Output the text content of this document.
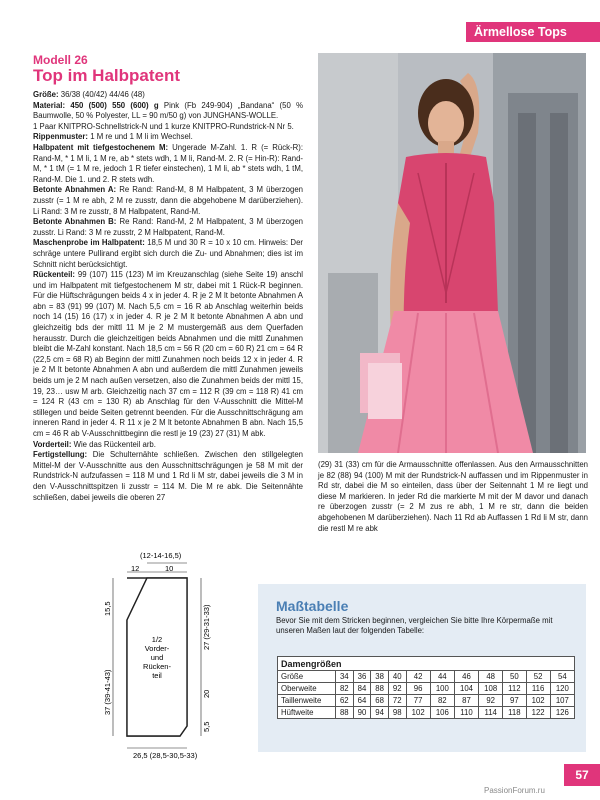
Ärmellose Tops
Modell 26
Top im Halbpatent

Größe: 36/38 (40/42) 44/46 (48)

Material: 450 (500) 550 (600) g Pink (Fb 249-904) „Bandana“ (50 % Baumwolle, 50 % Polyester, LL = 90 m/50 g) von JUNGHANS-WOLLE.

1 Paar KNITPRO-Schnellstrick-N und 1 kurze KNITPRO-Rundstrick-N Nr 5.

Rippenmuster: 1 M re und 1 M li im Wechsel.

Halbpatent mit tiefgestochenem M: Ungerade M-Zahl. 1. R (= Rück-R): Rand-M, * 1 M li, 1 M re, ab * stets wdh, 1 M li, Rand-M. 2. R (= Hin-R): Rand-M, * 1 tM (= 1 M re, jedoch 1 R tiefer einstechen), 1 M li, ab * stets wdh, 1 tM, Rand-M. Die 1. und 2. R stets wdh.

Betonte Abnahmen A: Re Rand: Rand-M, 8 M Halbpatent, 3 M überzogen zusstr (= 1 M re abh, 2 M re zusstr, dann die abgehobene M darüberziehen). Li Rand: 3 M re zusstr, 8 M Halbpatent, Rand-M.

Betonte Abnahmen B: Re Rand: Rand-M, 2 M Halbpatent, 3 M überzogen zusstr. Li Rand: 3 M re zusstr, 2 M Halbpatent, Rand-M.

Maschenprobe im Halbpatent: 18,5 M und 30 R = 10 x 10 cm. Hinweis: Der schräge untere Pullirand ergibt sich durch die Zu- und Abnahmen; dies ist im Schnitt nicht berücksichtigt.

Rückenteil: 99 (107) 115 (123) M im Kreuzanschlag (siehe Seite 19) anschl und im Halbpatent mit tiefgestochenem M str, dabei mit 1 Rück-R beginnen. Für die Hüftschrägungen beids 4 x in jeder 4. R je 2 M lt betonte Abnahmen A abn = 83 (91) 99 (107) M. Nach 5,5 cm = 16 R ab Anschlag weiterhin beids noch 14 (15) 16 (17) x in jeder 4. R je 2 M lt betonte Abnahmen A abn und gleichzeitig bds der mittl 11 M je 2 M mustergemäß aus dem Querfaden herausstr. Durch die gleichzeitigen beids Abnahmen und die mittl Zunahmen bleibt die M-Zahl konstant. Nach 18,5 cm = 56 R (20 cm = 60 R) 21 cm = 64 R (22,5 cm = 68 R) ab Beginn der mittl Zunahmen noch beids 12 x in jeder 4. R je 2 M lt betonte Abnahmen A abn und außerdem die mittl Zunahmen jeweils beids um je 2 M nach außen versetzen, also die Zunahmen beids der mittl 15, 19, 23… usw M arb. Gleichzeitig nach 37 cm = 112 R (39 cm = 118 R) 41 cm = 124 R (43 cm = 130 R) ab Anschlag für den V-Ausschnitt die Mittel-M stillegen und beide Seiten getrennt beenden. Für die Ausschnittschrägung am inneren Rand in jeder 4. R 11 x je 2 M lt betonte Abnahmen B abn. Nach 15,5 cm = 46 R ab V-Ausschnittbeginn die restl je 19 (23) 27 (31) M abk.

Vorderteil: Wie das Rückenteil arb.

Fertigstellung: Die Schulternähte schließen. Zwischen den stillgelegten Mittel-M der V-Ausschnitte aus den Ausschnittschrägungen je 58 M mit der Rundstrick-N aufzufassen = 118 M und 1 Rd li M str, dabei jeweils die 3 M in den V-Ausschnittspitzen li zusstr = 114 M. Die M re abk. Die Seitennähte schließen, dabei jeweils die oberen 27

(29) 31 (33) cm für die Armausschnitte offenlassen. Aus den Armausschnitten je 82 (88) 94 (100) M mit der Rundstrick-N auffassen und im Rippenmuster in Rd str, dabei die M so einteilen, dass über der Seitennaht 1 M re liegt und diese M markieren. In jeder Rd die markierte M mit der M davor und danach re überzogen zusstr (= 2 M zus re abh, 1 M re str, dann die beiden abgehobenen M darüberziehen). Nach 11 Rd ab Auffassen 1 Rd li M str, dann die restl M re abk
(12-14-16,5)
12	10
15,5
37 (39-41-43)
27 (29-31-33)
20
5,5
1/2
Vorder-
und
Rücken-
teil
26,5 (28,5-30,5-33)
Maßtabelle
Bevor Sie mit dem Stricken beginnen, vergleichen Sie bitte Ihre Körpermaße mit unseren Maßen laut der folgenden Tabelle:
Damengrößen											
Größe	34	36	38	40	42	44	46	48	50	52	54
Oberweite	82	84	88	92	96	100	104	108	112	116	120
Taillenweite	62	64	68	72	77	82	87	92	97	102	107
Hüftweite	88	90	94	98	102	106	110	114	118	122	126
57
PassionForum.ru
